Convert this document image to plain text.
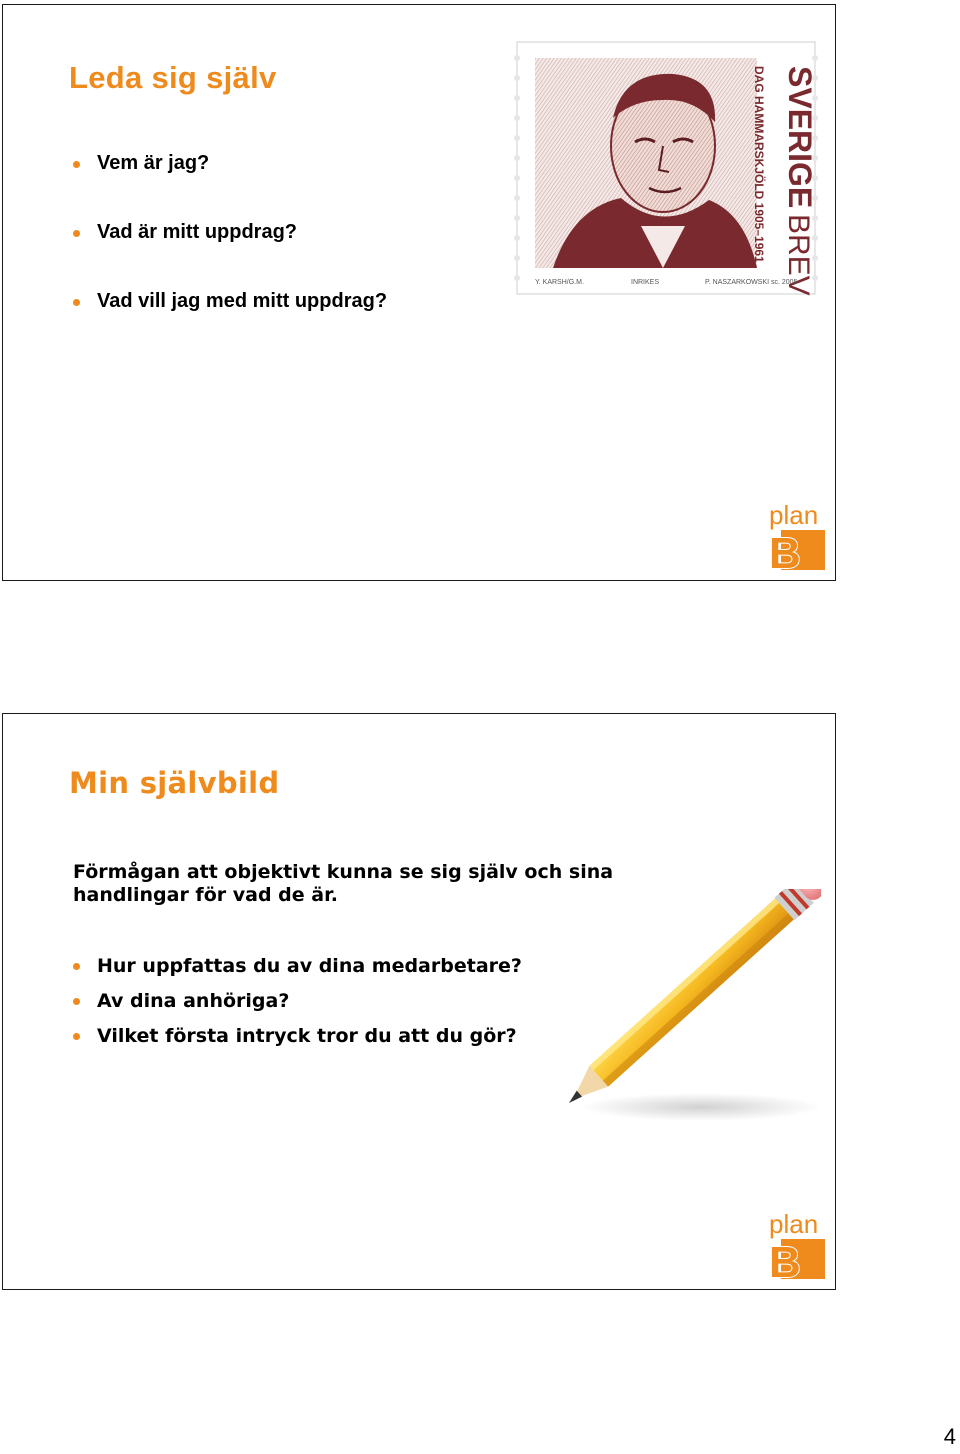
Leda sig själv
Vem är jag?
Vad är mitt uppdrag?
Vad vill jag med mitt uppdrag?
SVERIGE
BREV
DAG HAMMARSKJÖLD 1905–1961
Y. KARSH/G.M.	INRIKES	P. NASZARKOWSKI sc. 2005
plan
B
Min självbild

Förmågan att objektivt kunna se sig själv och sina handlingar för vad de är.

Hur uppfattas du av dina medarbetare?
Av dina anhöriga?
Vilket första intryck tror du att du gör?
plan
B
4
